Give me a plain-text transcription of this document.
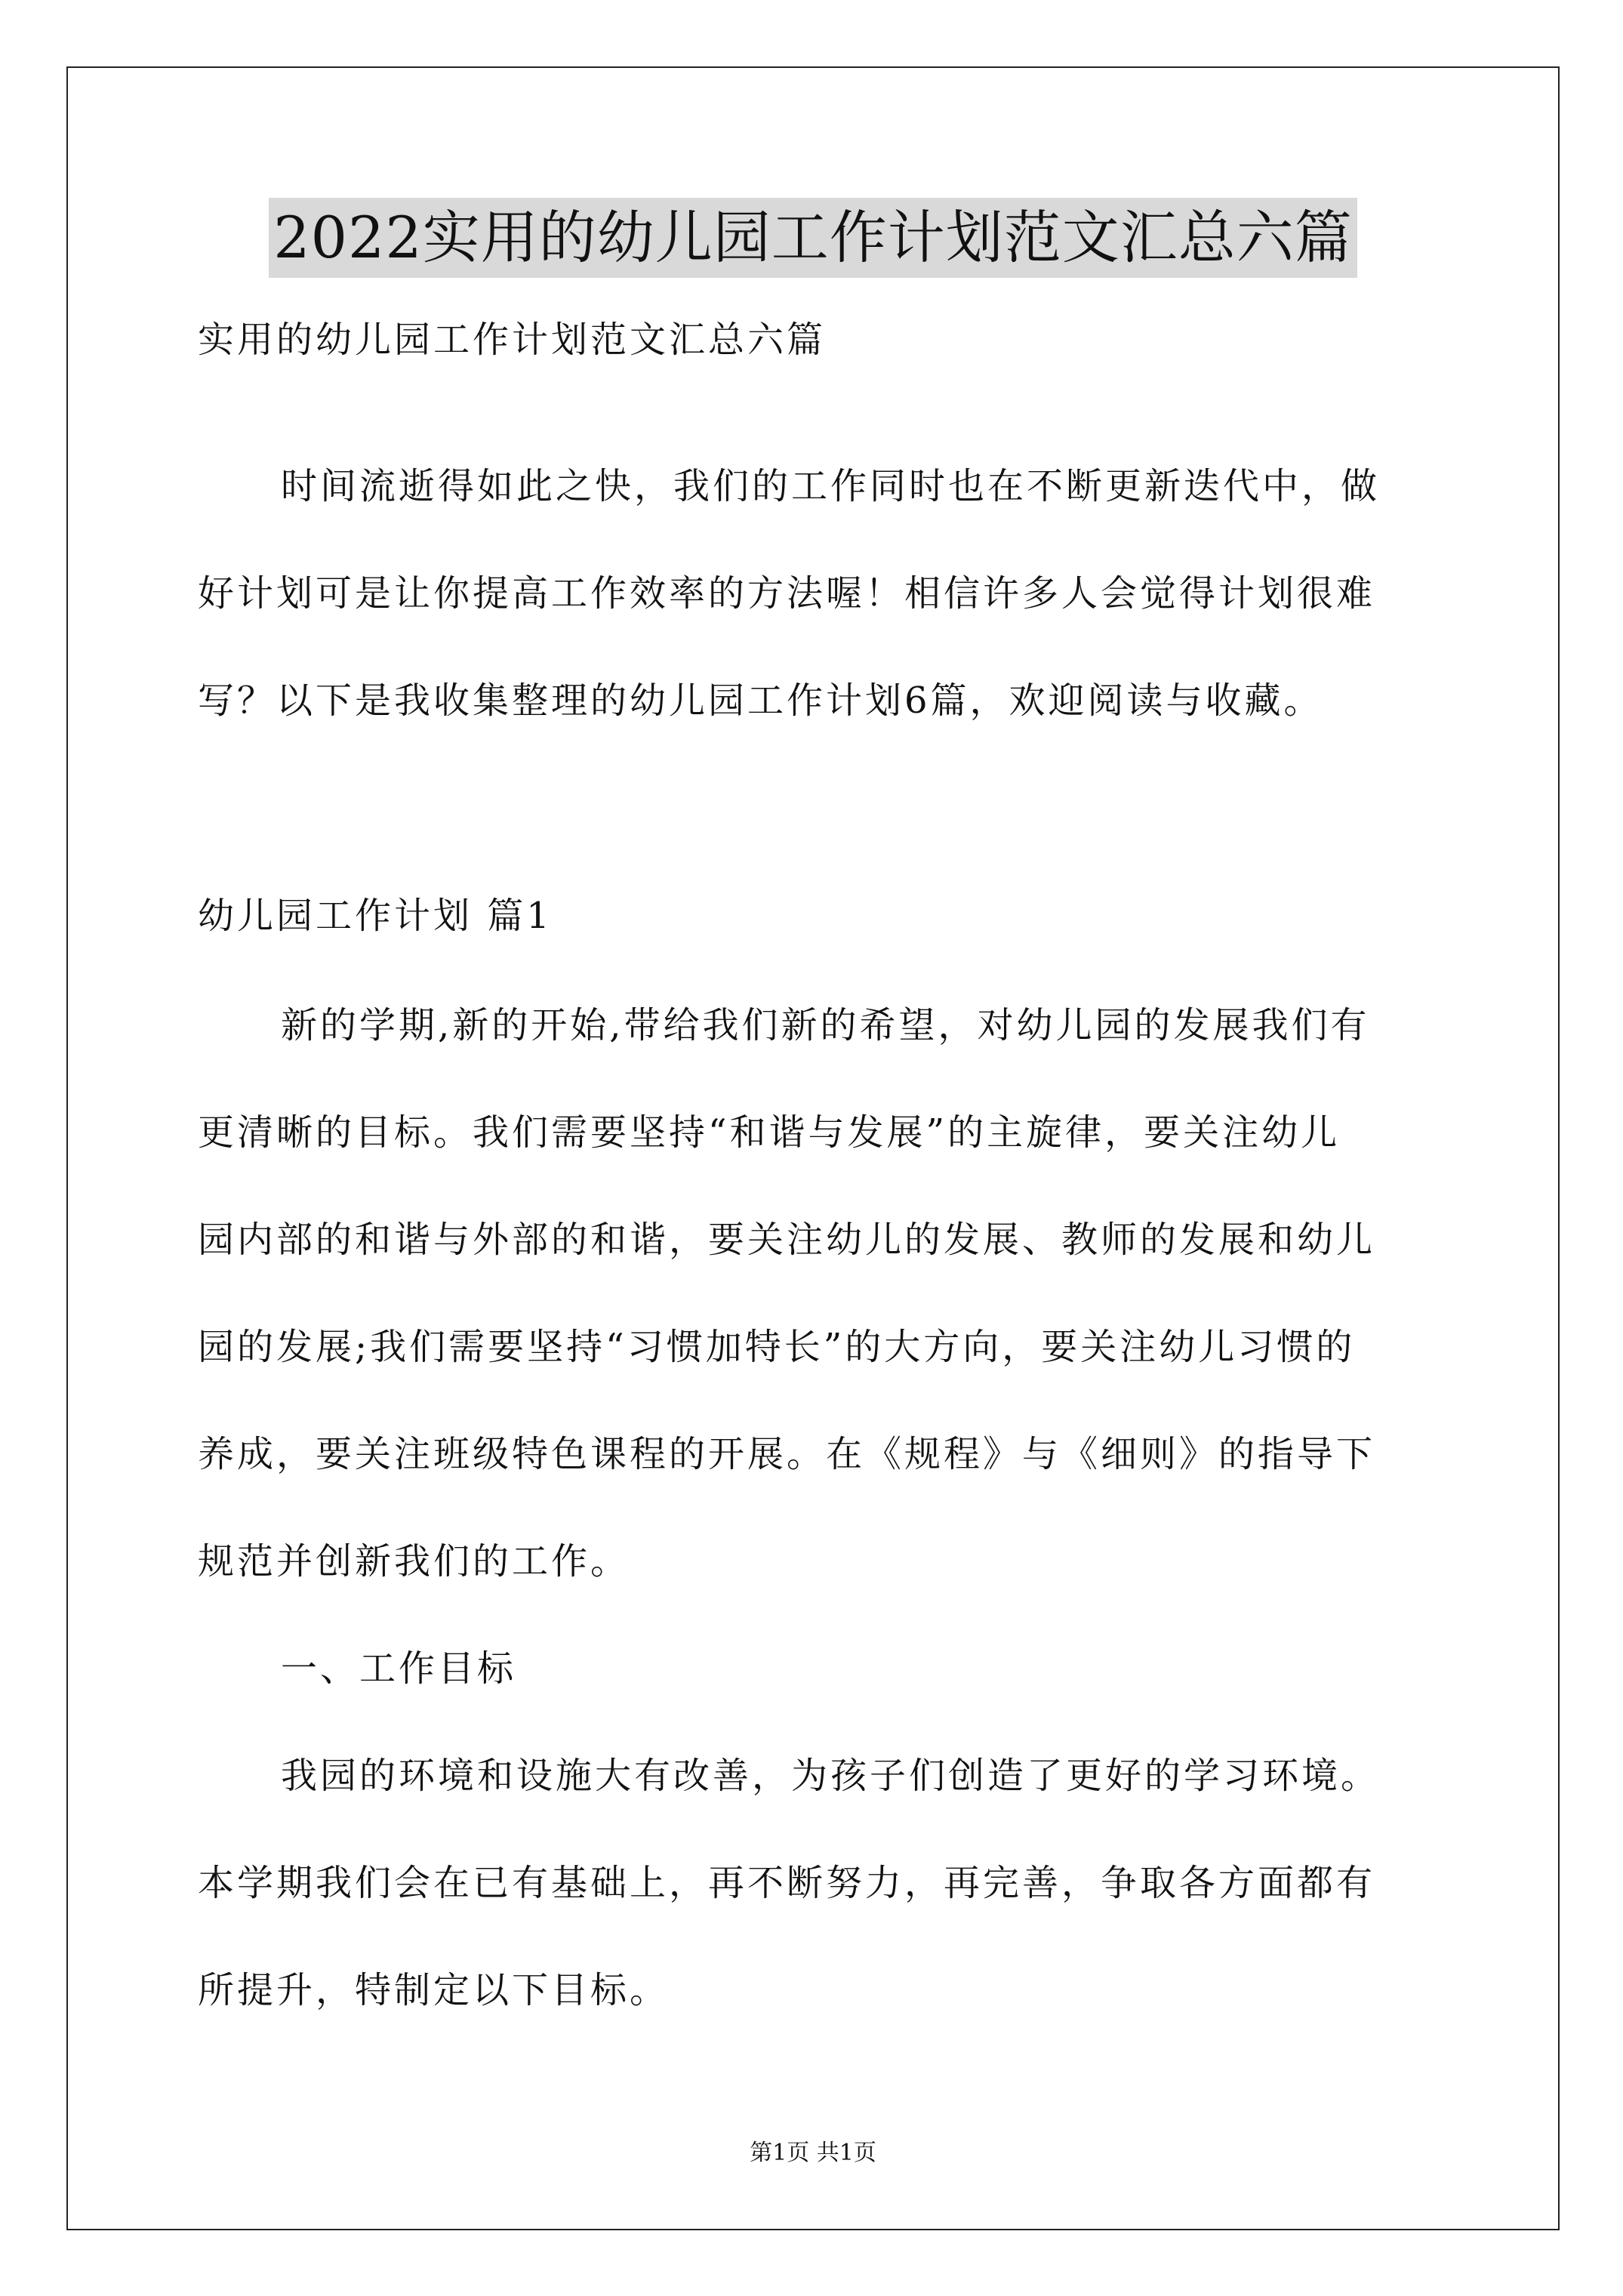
2022实用的幼儿园工作计划范文汇总六篇
实用的幼儿园工作计划范文汇总六篇
时间流逝得如此之快，我们的工作同时也在不断更新迭代中，做
好计划可是让你提高工作效率的方法喔！相信许多人会觉得计划很难
写？以下是我收集整理的幼儿园工作计划6篇，欢迎阅读与收藏。
幼儿园工作计划 篇1
新的学期,新的开始,带给我们新的希望，对幼儿园的发展我们有
更清晰的目标。我们需要坚持“和谐与发展”的主旋律，要关注幼儿
园内部的和谐与外部的和谐，要关注幼儿的发展、教师的发展和幼儿
园的发展;我们需要坚持“习惯加特长”的大方向，要关注幼儿习惯的
养成，要关注班级特色课程的开展。在《规程》与《细则》的指导下
规范并创新我们的工作。
一、工作目标
我园的环境和设施大有改善，为孩子们创造了更好的学习环境。
本学期我们会在已有基础上，再不断努力，再完善，争取各方面都有
所提升，特制定以下目标。
第1页 共1页
